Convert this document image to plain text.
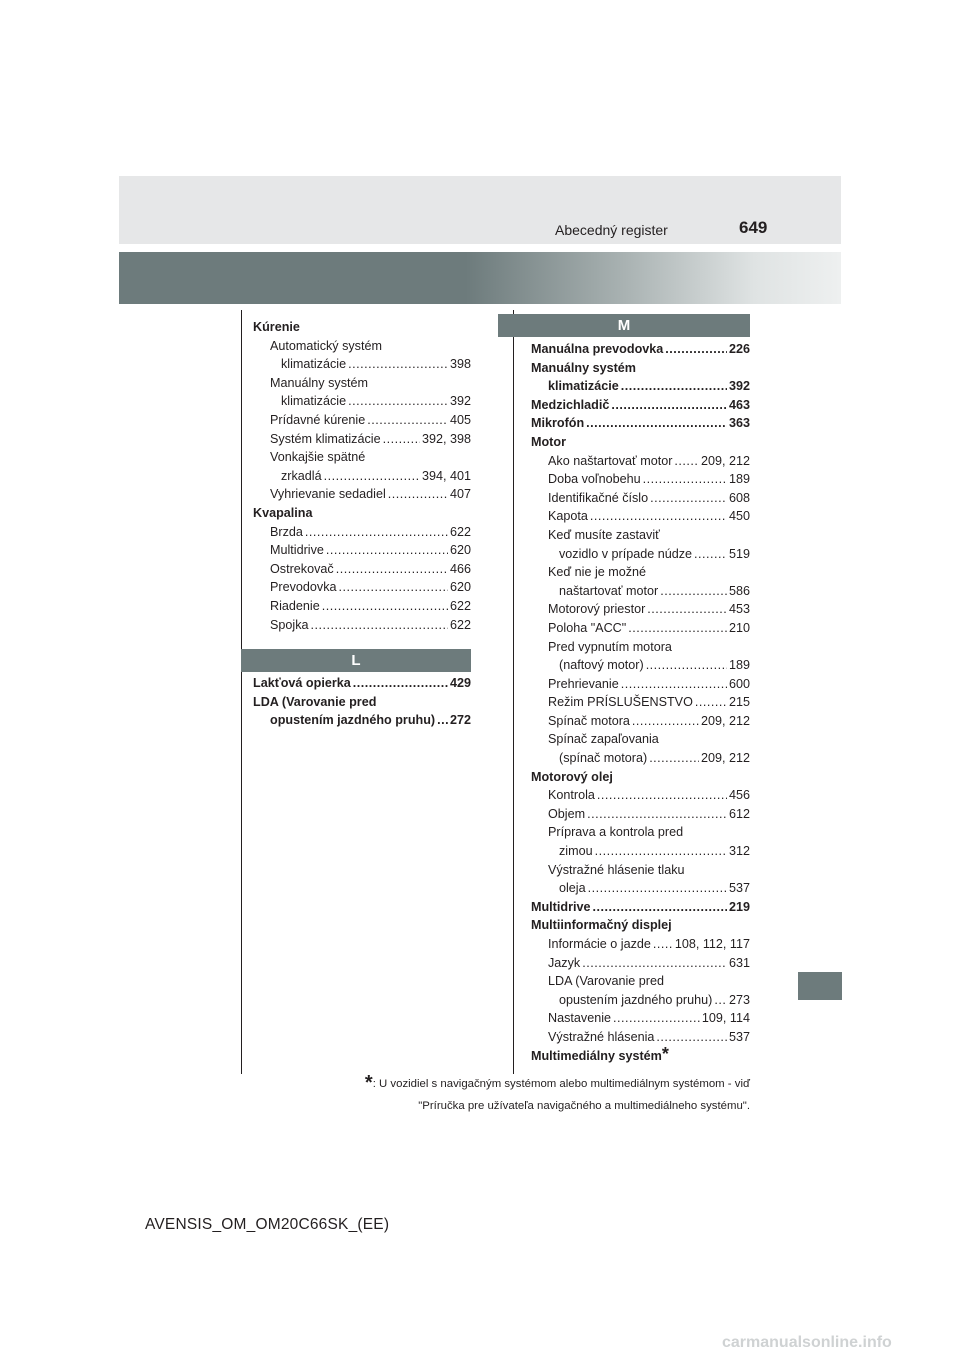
Abecedný register	649
Kúrenie
Automatický systém
klimatizácie .....	398
Manuálny systém
klimatizácie .....	392
Prídavné kúrenie .....	405
Systém klimatizácie .....	392, 398
Vonkajšie spätné
zrkadlá .....	394, 401
Vyhrievanie sedadiel .....	407
Kvapalina
Brzda .....	622
Multidrive .....	620
Ostrekovač .....	466
Prevodovka .....	620
Riadenie .....	622
Spojka .....	622
L
Lakťová opierka .....	429
LDA (Varovanie pred
opustením jazdného pruhu) ..... 272
M
Manuálna prevodovka .....	226
Manuálny systém
klimatizácie .....	392
Medzichladič .....	463
Mikrofón .....	363
Motor
Ako naštartovať motor ..... 209, 212
Doba voľnobehu .....	189
Identifikačné číslo .....	608
Kapota .....	450
Keď musíte zastaviť
vozidlo v prípade núdze .....	519
Keď nie je možné
naštartovať motor .....	586
Motorový priestor .....	453
Poloha "ACC" .....	210
Pred vypnutím motora
(naftový motor) .....	189
Prehrievanie .....	600
Režim PRÍSLUŠENSTVO .....	215
Spínač motora .....	209, 212
Spínač zapaľovania
(spínač motora) .....	209, 212
Motorový olej
Kontrola .....	456
Objem .....	612
Príprava a kontrola pred
zimou .....	312
Výstražné hlásenie tlaku
oleja .....	537
Multidrive .....	219
Multiinformačný displej
Informácie o jazde ..... 108, 112, 117
Jazyk .....	631
LDA (Varovanie pred
opustením jazdného pruhu) ..... 273
Nastavenie .....	109, 114
Výstražné hlásenia .....	537
Multimediálny systém *
*: U vozidiel s navigačným systémom alebo multimediálnym systémom - viď
"Príručka pre užívateľa navigačného a multimediálneho systému".
AVENSIS_OM_OM20C66SK_(EE)
carmanualsonline.info
